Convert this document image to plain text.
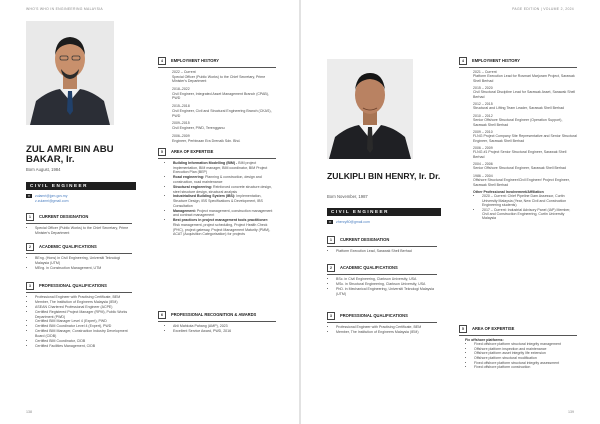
WHO'S WHO IN ENGINEERING MALAYSIA
ZUL AMRI BIN ABU BAKAR, Ir.
Born August, 1984
CIVIL ENGINEER
✉ zulamri@jpm.gov.my
z.zulamri@gmail.com
1 CURRENT DESIGNATION
• Special Officer (Public Works) to the Chief Secretary, Prime Minister's Department
2 ACADEMIC QUALIFICATIONS
• BEng. (Hons) in Civil Engineering, Universiti Teknologi Malaysia (UTM)
• MEng. in Construction Management, UTM
3 PROFESSIONAL QUALIFICATIONS
• Professional Engineer with Practising Certificate, BEM
• Member, The Institution of Engineers Malaysia (IEM)
• ASEAN Chartered Professional Engineer (ACPE)
• Certified Registered Project Manager (RPM), Public Works Department (PWD)
• Certified BIM Manager Level 4 (Expert), PWD
• Certified BIM Coordinator Level 4 (Expert), PWD
• Certified BIM Manager, Construction Industry Development Board (CIDB)
• Certified BIM Coordinator, CIDB
• Certified Facilities Management, CIDB
4 EMPLOYMENT HISTORY
2022 – Current
Special Officer (Public Works) to the Chief Secretary, Prime Minister's Department
2018–2022
Civil Engineer, Integrated Asset Management Branch (CPAB), PWD
2015–2018
Civil Engineer, Civil and Structural Engineering Branch (CKAS), PWD
2009–2015
Civil Engineer, PWD, Terengganu
2006–2009
Engineer, Perbinaan Era Drenaik Sdn. Bhd.
5 AREA OF EXPERTISE
• Building Information Modelling (BIM) - BIM project implementation, BIM manager, BIM coordinator, BIM Project Execution Plan (BEP)
• Road engineering: Planning & construction, design and construction, road maintenance
• Structural engineering: Reinforced concrete structure design, steel structure design, structural analysis
• Industrialised Building System (IBS): Implementation, Structure Design, IBS Specifications & Development, IBS Consultation
• Management: Project management, construction management and contract management
• Best practices in project management tools practitioner: Risk management, project scheduling, Project Health Check (PHC), project gateway, Project Management Maturity (PMM), ACAT (Acquisition Categorisation) for projects
6 PROFESSIONAL RECOGNITION & AWARDS
• Ahli Mahkota Pahang (AMP), 2023
• Excellent Service Award, PWD, 2016
138
PAGE EDITION | VOLUME 2, 2024
ZULKIPLI BIN HENRY, Ir. Dr.
Born November, 1987
CIVIL ENGINEER
✉ zhenry80@gmail.com
1 CURRENT DESIGNATION
• Platform Execution Lead, Sarawak Shell Berhad
2 ACADEMIC QUALIFICATIONS
• BSc. in Civil Engineering, Clarkson University, USA
• MSc. in Structural Engineering, Clarkson University, USA
• PhD. in Mechanical Engineering, Universiti Teknologi Malaysia (UTM)
3 PROFESSIONAL QUALIFICATIONS
• Professional Engineer with Practising Certificate, BEM
• Member, The Institution of Engineers Malaysia (IEM)
4 EMPLOYMENT HISTORY
2021 – Current
Platform Execution Lead for Rosmari Marjoram Project, Sarawak Shell Berhad
2015 – 2020
Civil Structural Discipline Lead for Sarawak Asset, Sarawak Shell Berhad
2012 – 2015
Structural and Lifting Team Leader, Sarawak Shell Berhad
2010 – 2012
Senior Offshore Structural Engineer (Operation Support), Sarawak Shell Berhad
2009 – 2010
FLNG Project Company Site Representative and Senior Structural Engineer, Sarawak Shell Berhad
2006 – 2009
FLNG #1 Project Senior Structural Engineer, Sarawak Shell Berhad
2004 – 2006
Senior Offshore Structural Engineer, Sarawak Shell Berhad
1986 – 2004
Offshore Structural Engineer/Civil Engineer/ Project Engineer, Sarawak Shell Berhad
Other Professional Involvement/Affiliation
• 2020 – Current: Chief Pipeline Dam Assessor, Curtin University Malaysia (Year, New Civil and Construction Engineering students)
• 2017 – Current: Industrial Advisory Panel (IAP) Member, Civil and Construction Engineering, Curtin University Malaysia
5 AREA OF EXPERTISE
Fix offshore platforms:
• Fixed offshore platform structural integrity management
• Offshore platform inspection and maintenance
• Offshore platform asset integrity life extension
• Offshore platform structural modification
• Fixed offshore platform structural integrity assessment
• Fixed offshore platform construction
139
